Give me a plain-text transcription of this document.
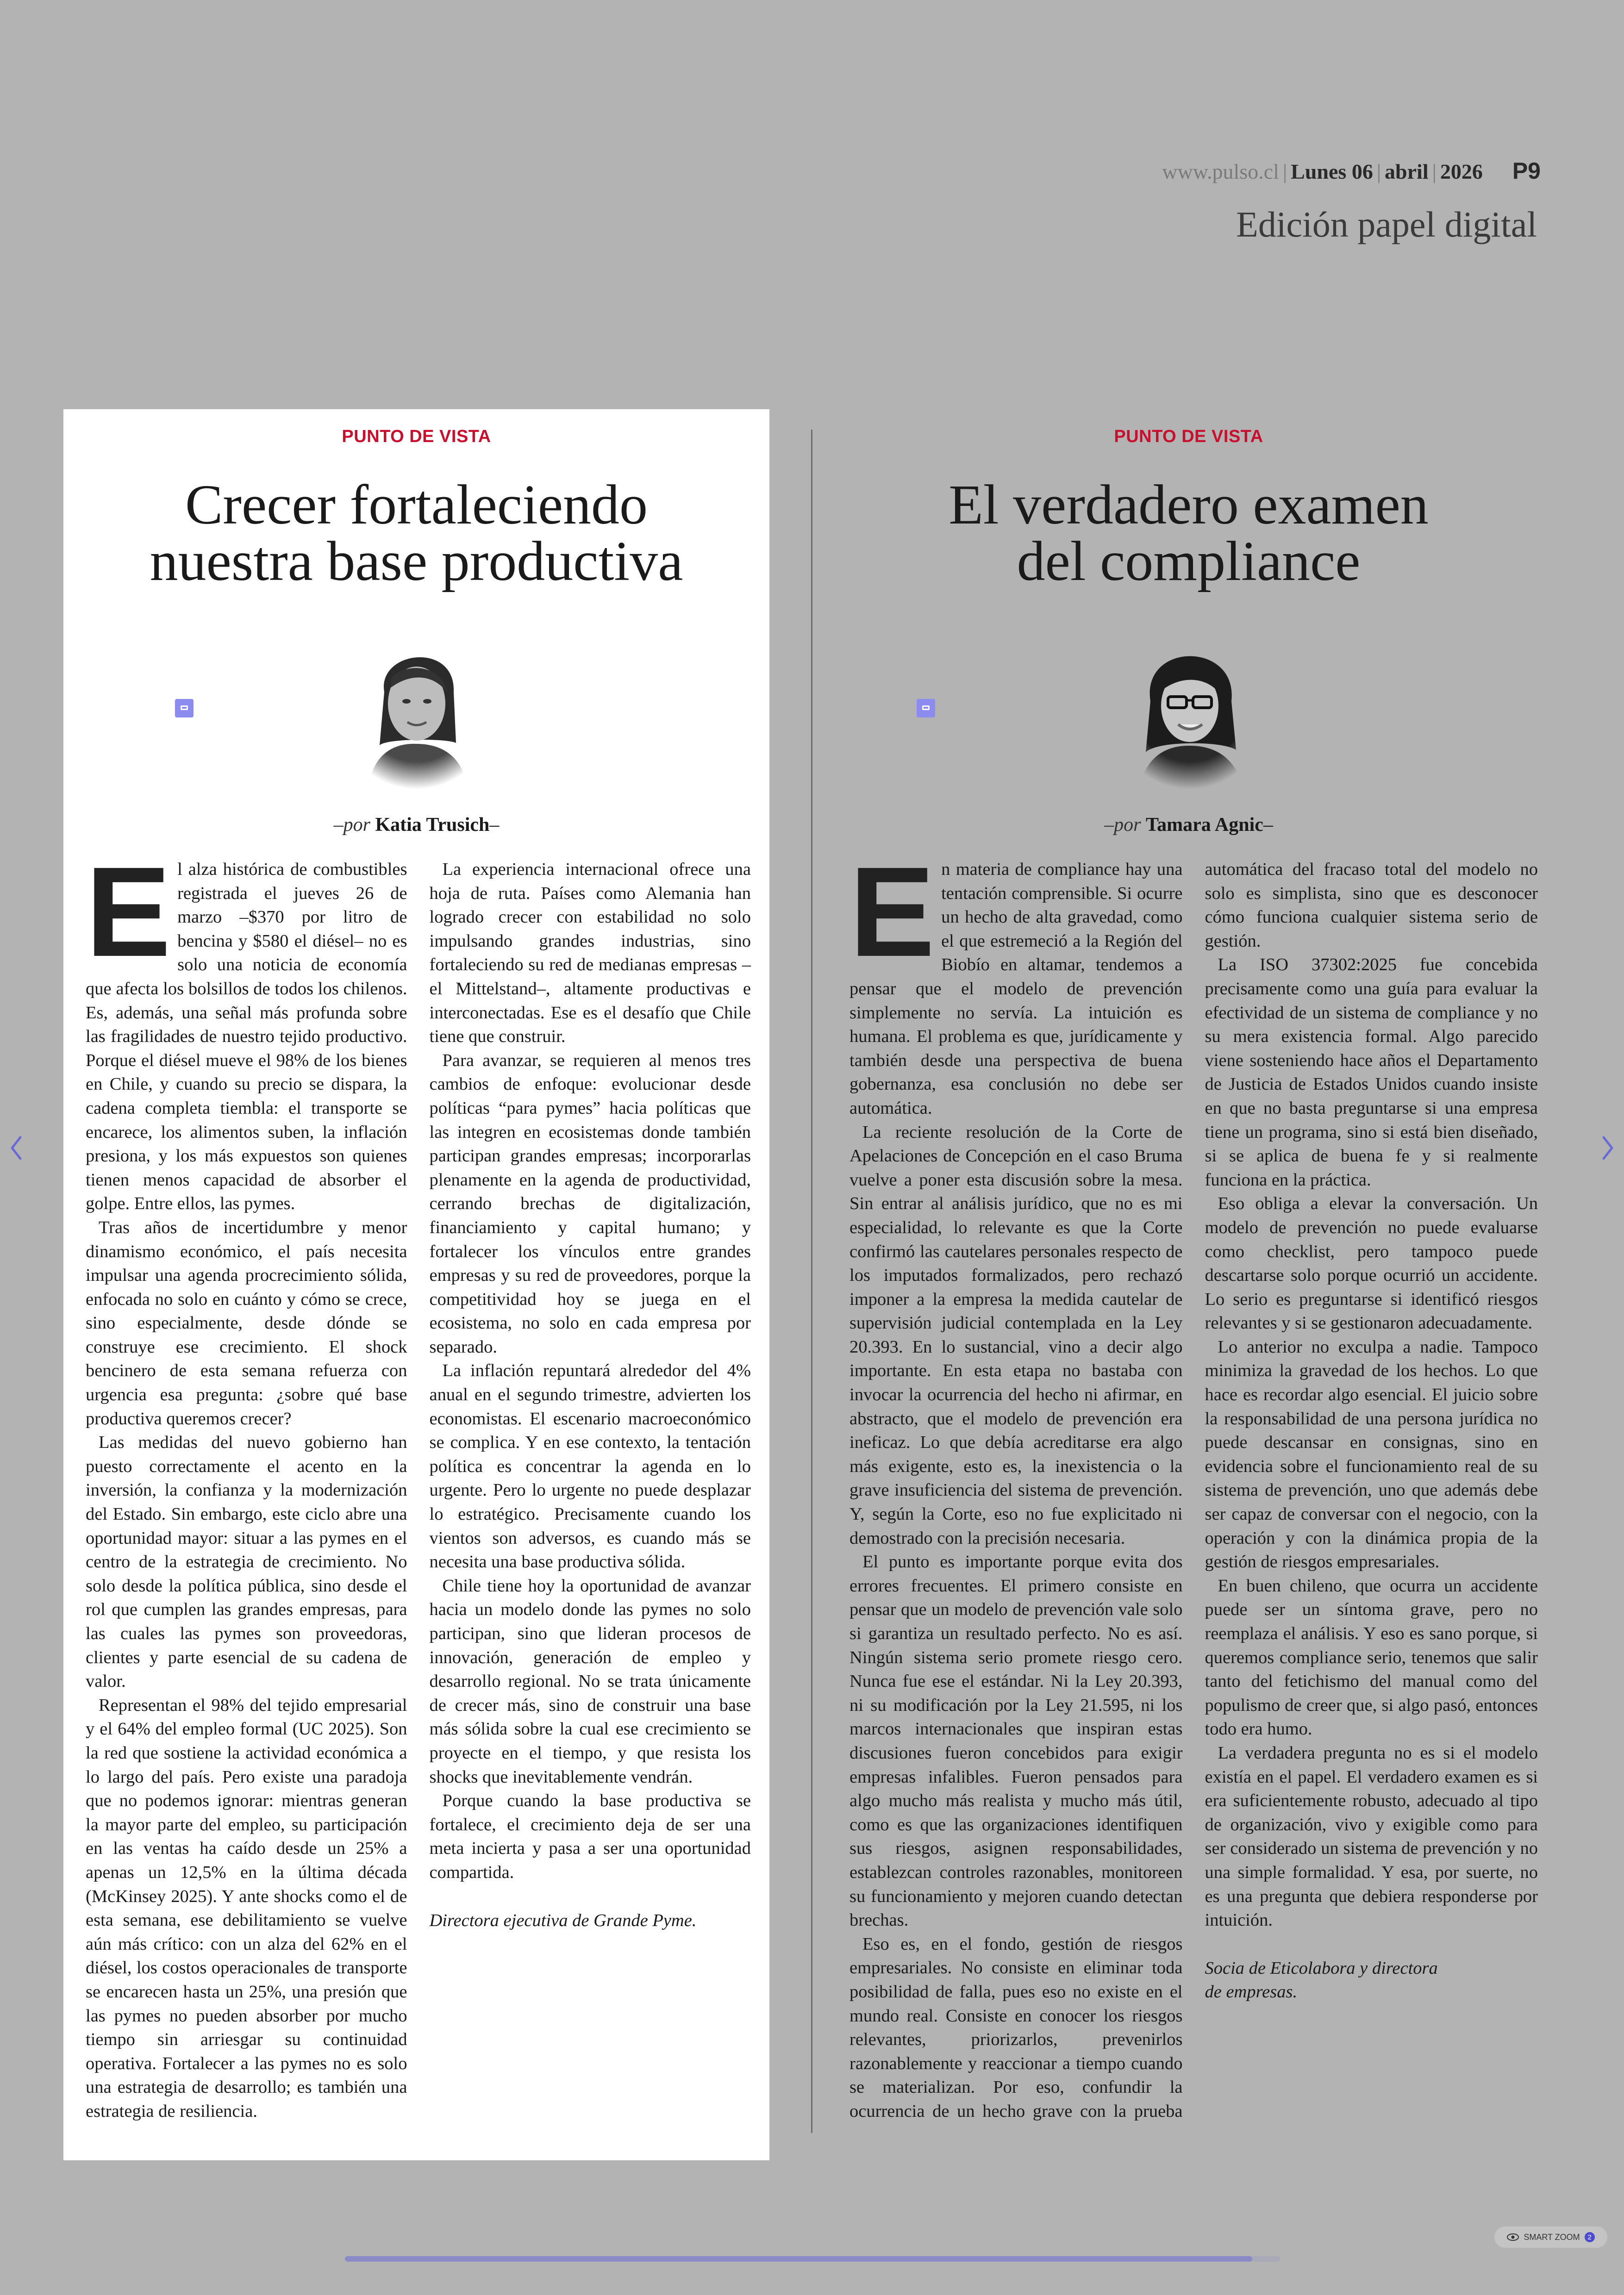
www.pulso.cl | Lunes 06 | abril | 2026 P9
Edición papel digital
PUNTO DE VISTA
Crecer fortaleciendo
nuestra base productiva
–por Katia Trusich–

El alza histórica de combustibles registrada el jueves 26 de marzo –$370 por litro de bencina y $580 el diésel– no es solo una noticia de economía que afecta los bolsillos de todos los chilenos. Es, además, una señal más profunda sobre las fragilidades de nuestro tejido productivo. Porque el diésel mueve el 98% de los bienes en Chile, y cuando su precio se dispara, la cadena completa tiembla: el transporte se encarece, los alimentos suben, la inflación presiona, y los más expuestos son quienes tienen menos capacidad de absorber el golpe. Entre ellos, las pymes.

Tras años de incertidumbre y menor dinamismo económico, el país necesita impulsar una agenda procrecimiento sólida, enfocada no solo en cuánto y cómo se crece, sino especialmente, desde dónde se construye ese crecimiento. El shock bencinero de esta semana refuerza con urgencia esa pregunta: ¿sobre qué base productiva queremos crecer?

Las medidas del nuevo gobierno han puesto correctamente el acento en la inversión, la confianza y la modernización del Estado. Sin embargo, este ciclo abre una oportunidad mayor: situar a las pymes en el centro de la estrategia de crecimiento. No solo desde la política pública, sino desde el rol que cumplen las grandes empresas, para las cuales las pymes son proveedoras, clientes y parte esencial de su cadena de valor.

Representan el 98% del tejido empresarial y el 64% del empleo formal (UC 2025). Son la red que sostiene la actividad económica a lo largo del país. Pero existe una paradoja que no podemos ignorar: mientras generan la mayor parte del empleo, su participación en las ventas ha caído desde un 25% a apenas un 12,5% en la última década (McKinsey 2025). Y ante shocks como el de esta semana, ese debilitamiento se vuelve aún más crítico: con un alza del 62% en el diésel, los costos operacionales de transporte se encarecen hasta un 25%, una presión que las pymes no pueden absorber por mucho tiempo sin arriesgar su continuidad operativa. Fortalecer a las pymes no es solo una estrategia de desarrollo; es también una estrategia de resiliencia.

La experiencia internacional ofrece una hoja de ruta. Países como Alemania han logrado crecer con estabilidad no solo impulsando grandes industrias, sino fortaleciendo su red de medianas empresas –el Mittelstand–, altamente productivas e interconectadas. Ese es el desafío que Chile tiene que construir.

Para avanzar, se requieren al menos tres cambios de enfoque: evolucionar desde políticas “para pymes” hacia políticas que las integren en ecosistemas donde también participan grandes empresas; incorporarlas plenamente en la agenda de productividad, cerrando brechas de digitalización, financiamiento y capital humano; y fortalecer los vínculos entre grandes empresas y su red de proveedores, porque la competitividad hoy se juega en el ecosistema, no solo en cada empresa por separado.

La inflación repuntará alrededor del 4% anual en el segundo trimestre, advierten los economistas. El escenario macroeconómico se complica. Y en ese contexto, la tentación política es concentrar la agenda en lo urgente. Pero lo urgente no puede desplazar lo estratégico. Precisamente cuando los vientos son adversos, es cuando más se necesita una base productiva sólida.

Chile tiene hoy la oportunidad de avanzar hacia un modelo donde las pymes no solo participan, sino que lideran procesos de innovación, generación de empleo y desarrollo regional. No se trata únicamente de crecer más, sino de construir una base más sólida sobre la cual ese crecimiento se proyecte en el tiempo, y que resista los shocks que inevitablemente vendrán.

Porque cuando la base productiva se fortalece, el crecimiento deja de ser una meta incierta y pasa a ser una oportunidad compartida.

Directora ejecutiva de Grande Pyme.

PUNTO DE VISTA
El verdadero examen
del compliance
–por Tamara Agnic–

En materia de compliance hay una tentación comprensible. Si ocurre un hecho de alta gravedad, como el que estremeció a la Región del Biobío en altamar, tendemos a pensar que el modelo de prevención simplemente no servía. La intuición es humana. El problema es que, jurídicamente y también desde una perspectiva de buena gobernanza, esa conclusión no debe ser automática.

La reciente resolución de la Corte de Apelaciones de Concepción en el caso Bruma vuelve a poner esta discusión sobre la mesa. Sin entrar al análisis jurídico, que no es mi especialidad, lo relevante es que la Corte confirmó las cautelares personales respecto de los imputados formalizados, pero rechazó imponer a la empresa la medida cautelar de supervisión judicial contemplada en la Ley 20.393. En lo sustancial, vino a decir algo importante. En esta etapa no bastaba con invocar la ocurrencia del hecho ni afirmar, en abstracto, que el modelo de prevención era ineficaz. Lo que debía acreditarse era algo más exigente, esto es, la inexistencia o la grave insuficiencia del sistema de prevención. Y, según la Corte, eso no fue explicitado ni demostrado con la precisión necesaria.

El punto es importante porque evita dos errores frecuentes. El primero consiste en pensar que un modelo de prevención vale solo si garantiza un resultado perfecto. No es así. Ningún sistema serio promete riesgo cero. Nunca fue ese el estándar. Ni la Ley 20.393, ni su modificación por la Ley 21.595, ni los marcos internacionales que inspiran estas discusiones fueron concebidos para exigir empresas infalibles. Fueron pensados para algo mucho más realista y mucho más útil, como es que las organizaciones identifiquen sus riesgos, asignen responsabilidades, establezcan controles razonables, monitoreen su funcionamiento y mejoren cuando detectan brechas.

Eso es, en el fondo, gestión de riesgos empresariales. No consiste en eliminar toda posibilidad de falla, pues eso no existe en el mundo real. Consiste en conocer los riesgos relevantes, priorizarlos, prevenirlos razonablemente y reaccionar a tiempo cuando se materializan. Por eso, confundir la ocurrencia de un hecho grave con la prueba automática del fracaso total del modelo no solo es simplista, sino que es desconocer cómo funciona cualquier sistema serio de gestión.

La ISO 37302:2025 fue concebida precisamente como una guía para evaluar la efectividad de un sistema de compliance y no su mera existencia formal. Algo parecido viene sosteniendo hace años el Departamento de Justicia de Estados Unidos cuando insiste en que no basta preguntarse si una empresa tiene un programa, sino si está bien diseñado, si se aplica de buena fe y si realmente funciona en la práctica.

Eso obliga a elevar la conversación. Un modelo de prevención no puede evaluarse como checklist, pero tampoco puede descartarse solo porque ocurrió un accidente. Lo serio es preguntarse si identificó riesgos relevantes y si se gestionaron adecuadamente.

Lo anterior no exculpa a nadie. Tampoco minimiza la gravedad de los hechos. Lo que hace es recordar algo esencial. El juicio sobre la responsabilidad de una persona jurídica no puede descansar en consignas, sino en evidencia sobre el funcionamiento real de su sistema de prevención, uno que además debe ser capaz de conversar con el negocio, con la operación y con la dinámica propia de la gestión de riesgos empresariales.

En buen chileno, que ocurra un accidente puede ser un síntoma grave, pero no reemplaza el análisis. Y eso es sano porque, si queremos compliance serio, tenemos que salir tanto del fetichismo del manual como del populismo de creer que, si algo pasó, entonces todo era humo.

La verdadera pregunta no es si el modelo existía en el papel. El verdadero examen es si era suficientemente robusto, adecuado al tipo de organización, vivo y exigible como para ser considerado un sistema de prevención y no una simple formalidad. Y esa, por suerte, no es una pregunta que debiera responderse por intuición.

Socia de Eticolabora y directora
de empresas.

SMART ZOOM	2
